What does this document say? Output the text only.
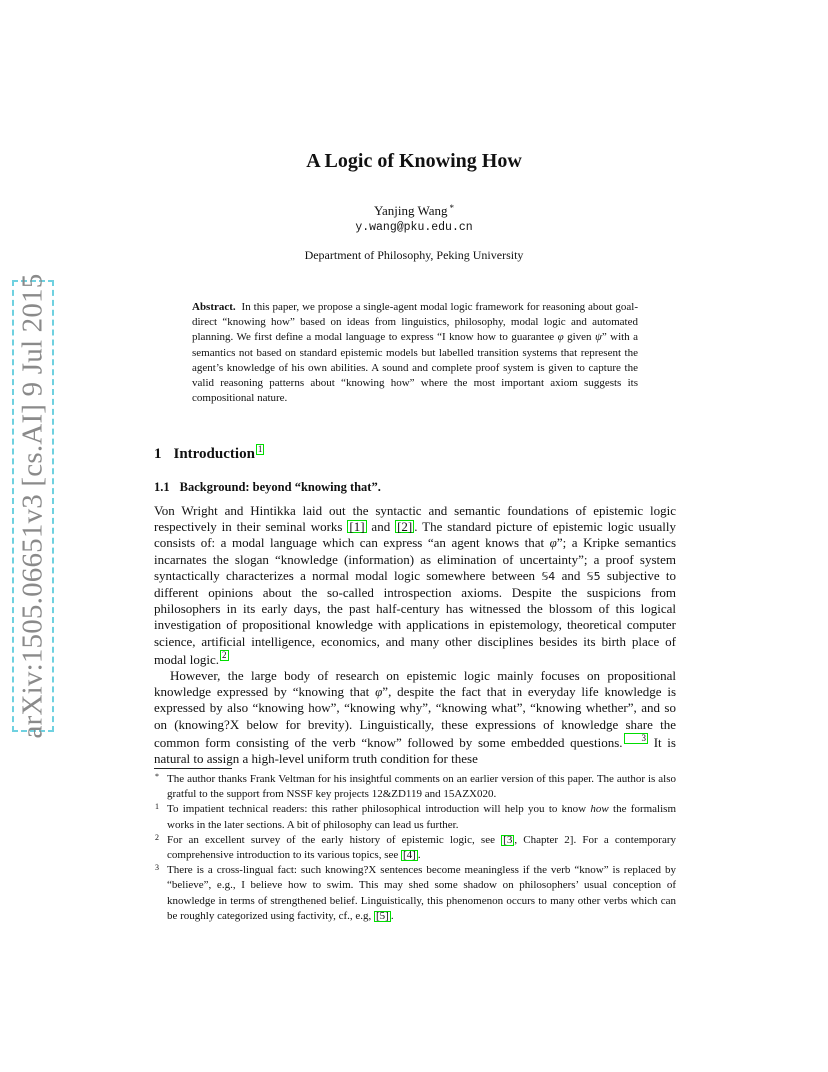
arXiv:1505.06651v3 [cs.AI] 9 Jul 2015
A Logic of Knowing How
Yanjing Wang *
y.wang@pku.edu.cn
Department of Philosophy, Peking University
Abstract. In this paper, we propose a single-agent modal logic framework for reasoning about goal-direct “knowing how” based on ideas from linguistics, philosophy, modal logic and automated planning. We first define a modal language to express “I know how to guarantee φ given ψ” with a semantics not based on standard epistemic models but labelled transition systems that represent the agent’s knowledge of his own abilities. A sound and complete proof system is given to capture the valid reasoning patterns about “knowing how” where the most important axiom suggests its compositional nature.
1 Introduction 1
1.1 Background: beyond “knowing that”.

Von Wright and Hintikka laid out the syntactic and semantic foundations of epistemic logic respectively in their seminal works [1] and [2] . The standard picture of epistemic logic usually consists of: a modal language which can express “an agent knows that φ”; a Kripke semantics incarnates the slogan “knowledge (information) as elimination of uncertainty”; a proof system syntactically characterizes a normal modal logic somewhere between 𝕊4 and 𝕊5 subjective to different opinions about the so-called introspection axioms. Despite the suspicions from philosophers in its early days, the past half-century has witnessed the blossom of this logical investigation of propositional knowledge with applications in epistemology, theoretical computer science, artificial intelligence, economics, and many other disciplines besides its birth place of modal logic. 2

However, the large body of research on epistemic logic mainly focuses on propositional knowledge expressed by “knowing that φ”, despite the fact that in everyday life knowledge is expressed by also “knowing how”, “knowing why”, “knowing what”, “knowing whether”, and so on (knowing?X below for brevity). Linguistically, these expressions of knowledge share the common form consisting of the verb “know” followed by some embedded questions. 3 It is natural to assign a high-level uniform truth condition for these

* The author thanks Frank Veltman for his insightful comments on an earlier version of this paper. The author is also gratful to the support from NSSF key projects 12&ZD119 and 15AZX020.
1 To impatient technical readers: this rather philosophical introduction will help you to know how the formalism works in the later sections. A bit of philosophy can lead us further.
2 For an excellent survey of the early history of epistemic logic, see [3 , Chapter 2]. For a contemporary comprehensive introduction to its various topics, see [4] .
3 There is a cross-lingual fact: such knowing?X sentences become meaningless if the verb “know” is replaced by “believe”, e.g., I believe how to swim. This may shed some shadow on philosophers’ usual conception of knowledge in terms of strengthened belief. Linguistically, this phenomenon occurs to many other verbs which can be roughly categorized using factivity, cf., e.g, [5] .
